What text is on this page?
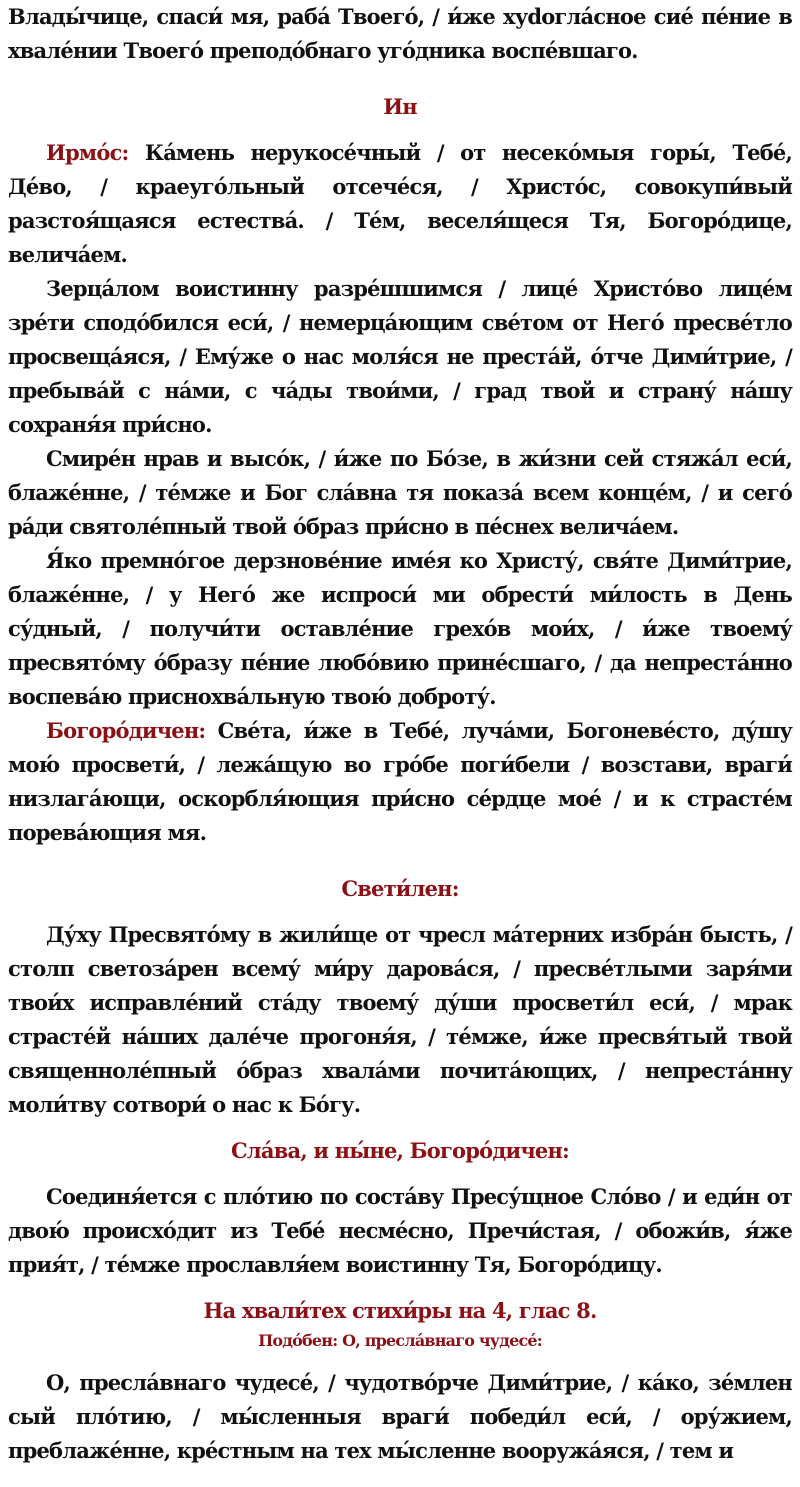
Влады́чице, спаси́ мя, раба́ Твоего́, / и́же хуdогла́сное сие́ пе́ние в хвале́нии Твоего́ преподо́бнаго уго́дника воспе́вшаго.

Ин

Ирмо́с: Ка́мень нерукосе́чный / от несеко́мыя горы́, Тебе́, Де́во, / краеуго́льный отсече́ся, / Христо́с, совокупи́вый разстоя́щаяся естества́. / Те́м, веселя́щеся Тя, Богоро́дице, велича́ем.

Зерца́лом воистинну разре́шшимся / лице́ Христо́во лице́м зре́ти сподо́бился еси́, / немерца́ющим све́том от Него́ пресве́тло просвеща́яся, / Ему́же о нас моля́ся не преста́й, о́тче Дими́трие, / пребыва́й с на́ми, с ча́ды твои́ми, / град твой и страну́ на́шу сохраня́я при́сно.

Смире́н нрав и высо́к, / и́же по Бо́зе, в жи́зни сей стяжа́л еси́, блаже́нне, / те́мже и Бог сла́вна тя показа́ всем конце́м, / и сего́ ра́ди святоле́пный твой о́браз при́сно в пе́снех велича́ем.

Я́ко премно́гое дерзнове́ние име́я ко Христу́, свя́те Дими́трие, блаже́нне, / у Него́ же испроси́ ми обрести́ ми́лость в День су́дный, / получи́ти оставле́ние грехо́в мои́х, / и́же твоему́ пресвято́му о́бразу пе́ние любо́вию прине́сшаго, / да непреста́нно воспева́ю присноxва́льную твою́ доброту́.

Богоро́дичен: Све́та, и́же в Тебе́, луча́ми, Богоневе́сто, ду́шу мою́ просвети́, / лежа́щую во гро́бе поги́бели / возстави, враги́ низлага́ющи, оскорбля́ющия при́сно се́рдце мое́ / и к страсте́м порева́ющия мя.

Свети́лен:

Ду́ху Пресвято́му в жили́ще от чресл ма́терних избра́н бысть, / столп светоза́рен всему́ ми́ру дарова́ся, / пресве́тлыми заря́ми твои́х исправле́ний ста́ду твоему́ ду́ши просвети́л еси́, / мрак страсте́й на́ших дале́че прогоня́я, / те́мже, и́же пресвя́тый твой священноле́пный о́браз хвала́ми почита́ющих, / непреста́нну моли́тву сотвори́ о нас к Бо́гу.

Сла́ва, и ны́не, Богоро́дичен:

Соединя́ется с пло́тию по соста́ву Пресу́щное Сло́во / и еди́н от двою́ происхо́дит из Тебе́ несме́сно, Пречи́стая, / обожи́в, я́же прия́т, / те́мже прославля́ем воистинну Тя, Богоро́дицу.

На хвали́тех стихи́ры на 4, глас 8.

Подо́бен: О, пресла́внаго чудесе́:

О, пресла́внаго чудесе́, / чудотво́рче Дими́трие, / ка́ко, зе́млен сый пло́тию, / мы́сленныя враги́ победи́л еси́, / ору́жием, преблаже́нне, кре́стным на тех мы́сленне вооружа́яся, / тем и
